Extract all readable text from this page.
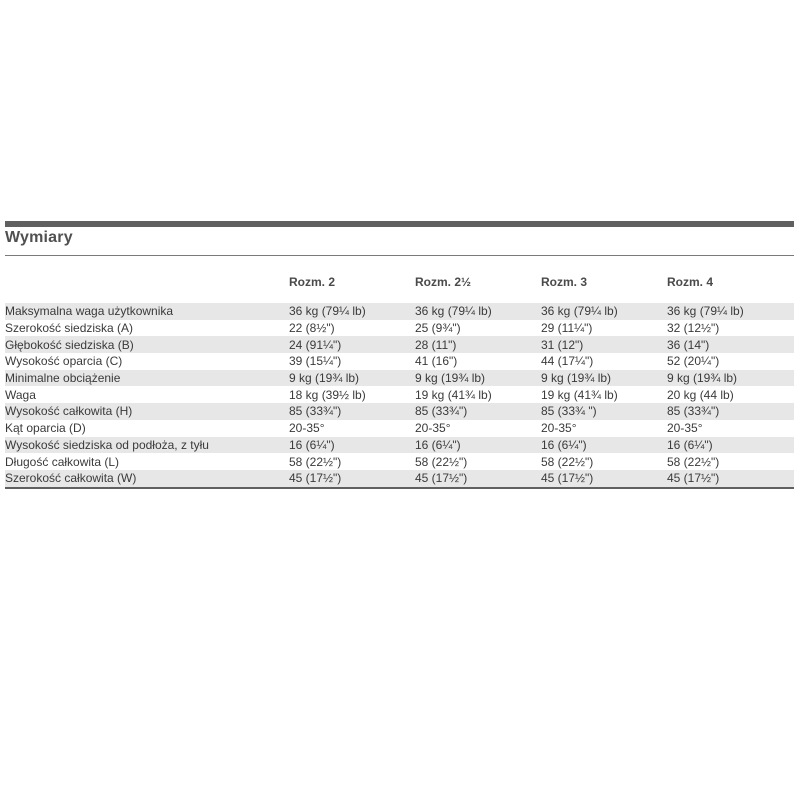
Wymiary
	Rozm. 2	Rozm. 2½	Rozm. 3	Rozm. 4
Maksymalna waga użytkownika	36 kg (79¼ lb)	36 kg (79¼ lb)	36 kg (79¼ lb)	36 kg (79¼ lb)
Szerokość siedziska (A)	22 (8½")	25 (9¾")	29 (11¼")	32 (12½")
Głębokość siedziska (B)	24 (91¼")	28 (11")	31 (12")	36 (14")
Wysokość oparcia (C)	39 (15¼")	41 (16")	44 (17¼")	52 (20¼")
Minimalne obciążenie	9 kg (19¾ lb)	9 kg (19¾ lb)	9 kg (19¾ lb)	9 kg (19¾ lb)
Waga	18 kg (39½ lb)	19 kg (41¾ lb)	19 kg (41¾ lb)	20 kg (44 lb)
Wysokość całkowita (H)	85 (33¾")	85 (33¾")	85 (33¾ ")	85 (33¾")
Kąt oparcia (D)	20-35°	20-35°	20-35°	20-35°
Wysokość siedziska od podłoża, z tyłu	16 (6¼")	16 (6¼")	16 (6¼")	16 (6¼")
Długość całkowita (L)	58 (22½")	58 (22½")	58 (22½")	58 (22½")
Szerokość całkowita (W)	45 (17½")	45 (17½")	45 (17½")	45 (17½")
